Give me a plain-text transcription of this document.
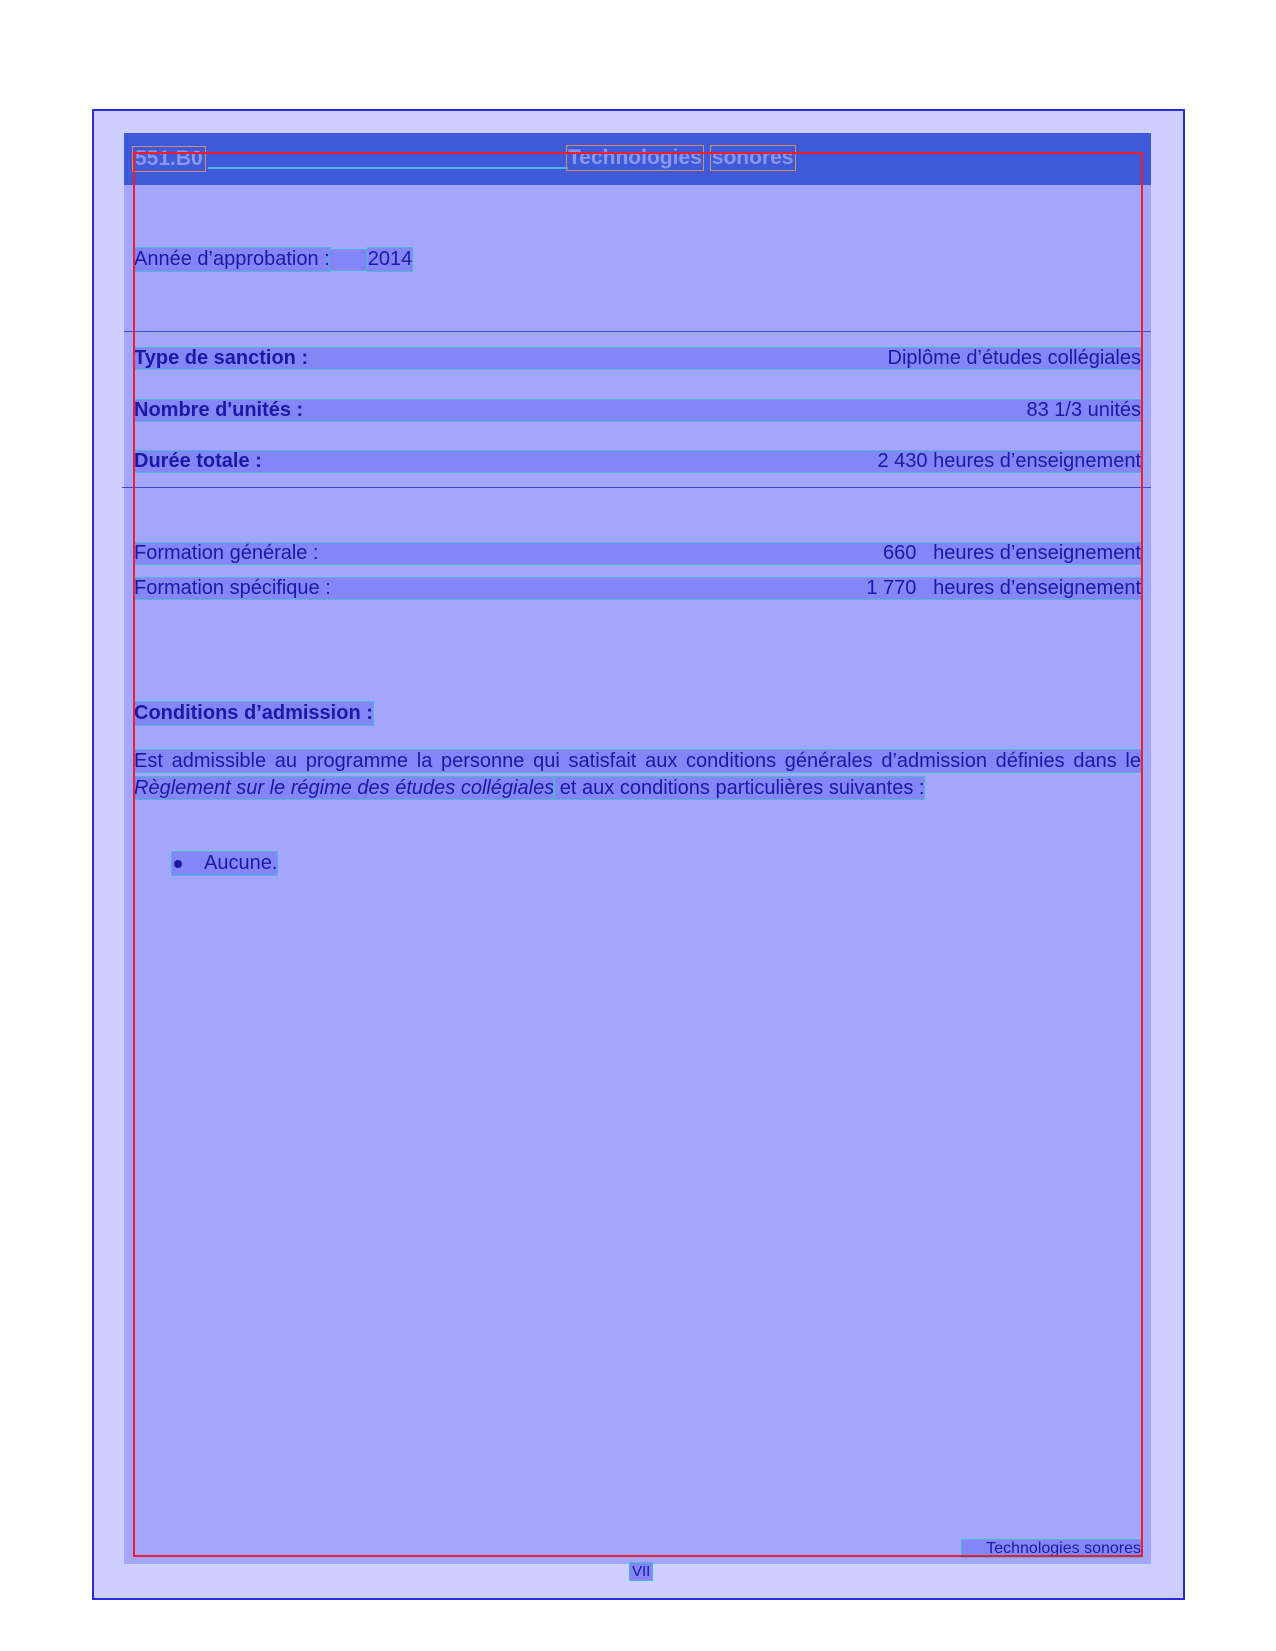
551.B0	Technologies sonores
Année d’approbation : 2014
Type de sanction :	Diplôme d’études collégiales
Nombre d'unités :	83 1/3 unités
Durée totale :	2 430 heures d’enseignement
Formation générale :	660   heures d’enseignement
Formation spécifique :	1 770   heures d’enseignement
Conditions d’admission :

Est admissible au programme la personne qui satisfait aux conditions générales d’admission définies dans le Règlement sur le régime des études collégiales et aux conditions particulières suivantes :

Aucune.
Technologies sonores
VII
